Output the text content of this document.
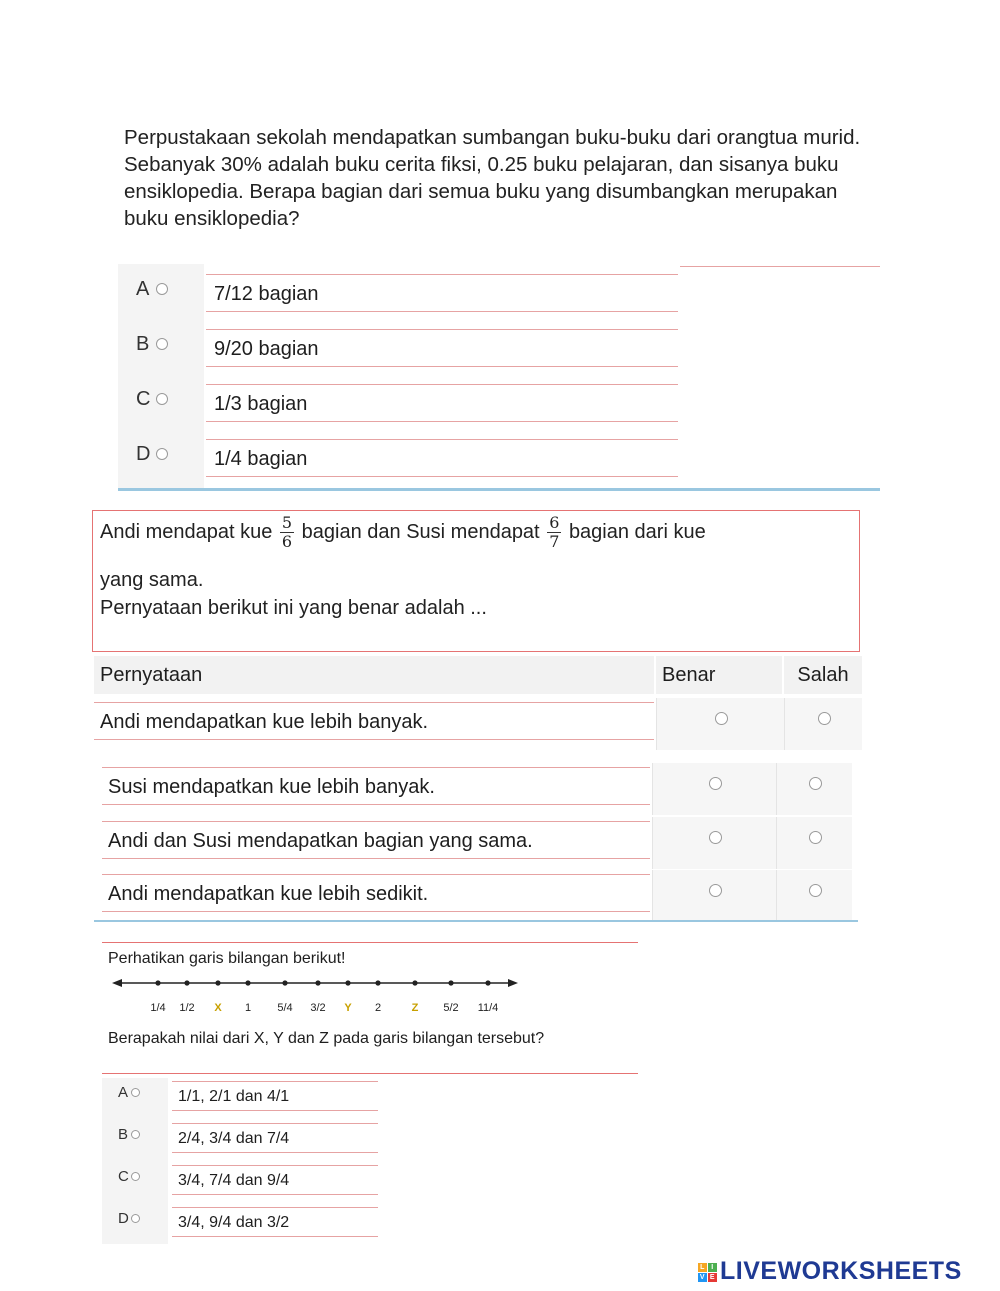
Perpustakaan sekolah mendapatkan sumbangan buku-buku dari orangtua murid. Sebanyak 30% adalah buku cerita fiksi, 0.25 buku pelajaran, dan sisanya buku ensiklopedia. Berapa bagian dari semua buku yang disumbangkan merupakan buku ensiklopedia?
A	7/12 bagian
B	9/20 bagian
C	1/3 bagian
D	1/4 bagian
Andi mendapat kue $\frac{5}{6}$ bagian dan Susi mendapat $\frac{6}{7}$ bagian dari kue
yang sama.
Pernyataan berikut ini yang benar adalah ...
Pernyataan	Benar	Salah
Andi mendapatkan kue lebih banyak.
Susi mendapatkan kue lebih banyak.
Andi dan Susi mendapatkan bagian yang sama.
Andi mendapatkan kue lebih sedikit.
Perhatikan garis bilangan berikut!
1/4	1/2	X	1	5/4	3/2	Y	2	Z	5/2	11/4
Berapakah nilai dari X, Y dan Z pada garis bilangan tersebut?
A	1/1, 2/1 dan 4/1
B	2/4, 3/4 dan 7/4
C	3/4, 7/4 dan 9/4
D	3/4, 9/4 dan 3/2
L I
V E LIVEWORKSHEETS
